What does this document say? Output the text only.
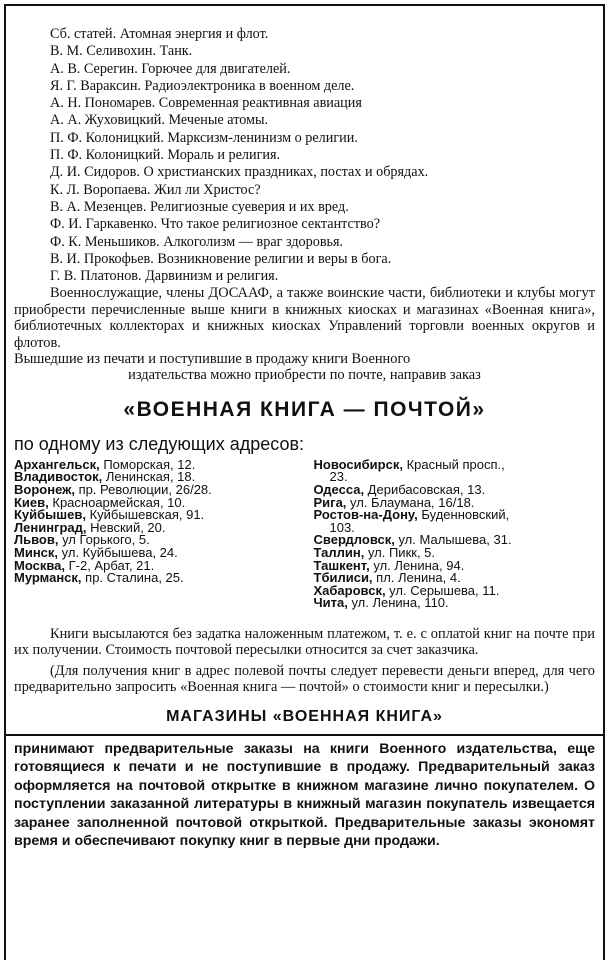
Сб. статей. Атомная энергия и флот.
В. М. Селивохин. Танк.
А. В. Серегин. Горючее для двигателей.
Я. Г. Вараксин. Радиоэлектроника в военном деле.
А. Н. Пономарев. Современная реактивная авиация
А. А. Жуховицкий. Меченые атомы.
П. Ф. Колоницкий. Марксизм-ленинизм о религии.
П. Ф. Колоницкий. Мораль и религия.
Д. И. Сидоров. О христианских праздниках, постах и обрядах.
К. Л. Воропаева. Жил ли Христос?
В. А. Мезенцев. Религиозные суеверия и их вред.
Ф. И. Гаркавенко. Что такое религиозное сектантство?
Ф. К. Меньшиков. Алкоголизм — враг здоровья.
В. И. Прокофьев. Возникновение религии и веры в бога.
Г. В. Платонов. Дарвинизм и религия.

Военнослужащие, члены ДОСААФ, а также воинские части, библиотеки и клубы могут приобрести перечисленные выше книги в книжных киосках и магазинах «Военная книга», библиотечных коллекторах и книжных киосках Управлений торговли военных округов и флотов.

Вышедшие из печати и поступившие в продажу книги Военного

издательства можно приобрести по почте, направив заказ

«ВОЕННАЯ КНИГА — ПОЧТОЙ»
по одному из следующих адресов:
Архангельск, Поморская, 12.
Владивосток, Ленинская, 18.
Воронеж, пр. Революции, 26/28.
Киев, Красноармейская, 10.
Куйбышев, Куйбышевская, 91.
Ленинград, Невский, 20.
Львов, ул Горького, 5.
Минск, ул. Куйбышева, 24.
Москва, Г-2, Арбат, 21.
Мурманск, пр. Сталина, 25.
Новосибирск, Красный просп.,
23.
Одесса, Дерибасовская, 13.
Рига, ул. Блаумана, 16/18.
Ростов-на-Дону, Буденновский,
103.
Свердловск, ул. Малышева, 31.
Таллин, ул. Пикк, 5.
Ташкент, ул. Ленина, 94.
Тбилиси, пл. Ленина, 4.
Хабаровск, ул. Серышева, 11.
Чита, ул. Ленина, 110.

Книги высылаются без задатка наложенным платежом, т. е. с оплатой книг на почте при их получении. Стоимость почтовой пересылки относится за счет заказчика.

(Для получения книг в адрес полевой почты следует перевести деньги вперед, для чего предварительно запросить «Военная книга — почтой» о стоимости книг и пересылки.)

МАГАЗИНЫ «ВОЕННАЯ КНИГА»

принимают предварительные заказы на книги Военного издательства, еще готовящиеся к печати и не поступившие в продажу. Предварительный заказ оформляется на почтовой открытке в книжном магазине лично покупателем. О поступлении заказанной литературы в книжный магазин покупатель извещается заранее заполненной почтовой открыткой. Предварительные заказы экономят время и обеспечивают покупку книг в первые дни продажи.
